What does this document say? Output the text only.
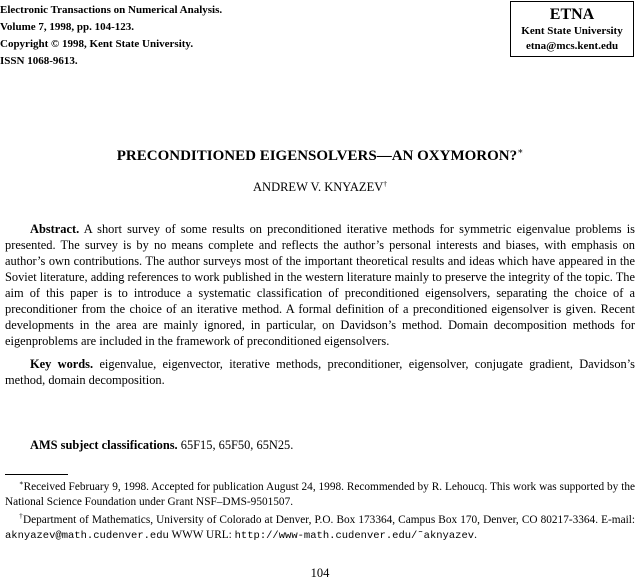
Electronic Transactions on Numerical Analysis.
Volume 7, 1998, pp. 104-123.
Copyright © 1998, Kent State University.
ISSN 1068-9613.
ETNA
Kent State University
etna@mcs.kent.edu
PRECONDITIONED EIGENSOLVERS—AN OXYMORON?∗
ANDREW V. KNYAZEV†
Abstract. A short survey of some results on preconditioned iterative methods for symmetric eigenvalue problems is presented. The survey is by no means complete and reflects the author’s personal interests and biases, with emphasis on author’s own contributions. The author surveys most of the important theoretical results and ideas which have appeared in the Soviet literature, adding references to work published in the western literature mainly to preserve the integrity of the topic. The aim of this paper is to introduce a systematic classification of preconditioned eigensolvers, separating the choice of a preconditioner from the choice of an iterative method. A formal definition of a preconditioned eigensolver is given. Recent developments in the area are mainly ignored, in particular, on Davidson’s method. Domain decomposition methods for eigenproblems are included in the framework of preconditioned eigensolvers.
Key words. eigenvalue, eigenvector, iterative methods, preconditioner, eigensolver, conjugate gradient, Davidson’s method, domain decomposition.
AMS subject classifications. 65F15, 65F50, 65N25.
∗Received February 9, 1998. Accepted for publication August 24, 1998. Recommended by R. Lehoucq. This work was supported by the National Science Foundation under Grant NSF–DMS-9501507.
†Department of Mathematics, University of Colorado at Denver, P.O. Box 173364, Campus Box 170, Denver, CO 80217-3364. E-mail: aknyazev@math.cudenver.edu WWW URL: http://www-math.cudenver.edu/˜aknyazev.
104
